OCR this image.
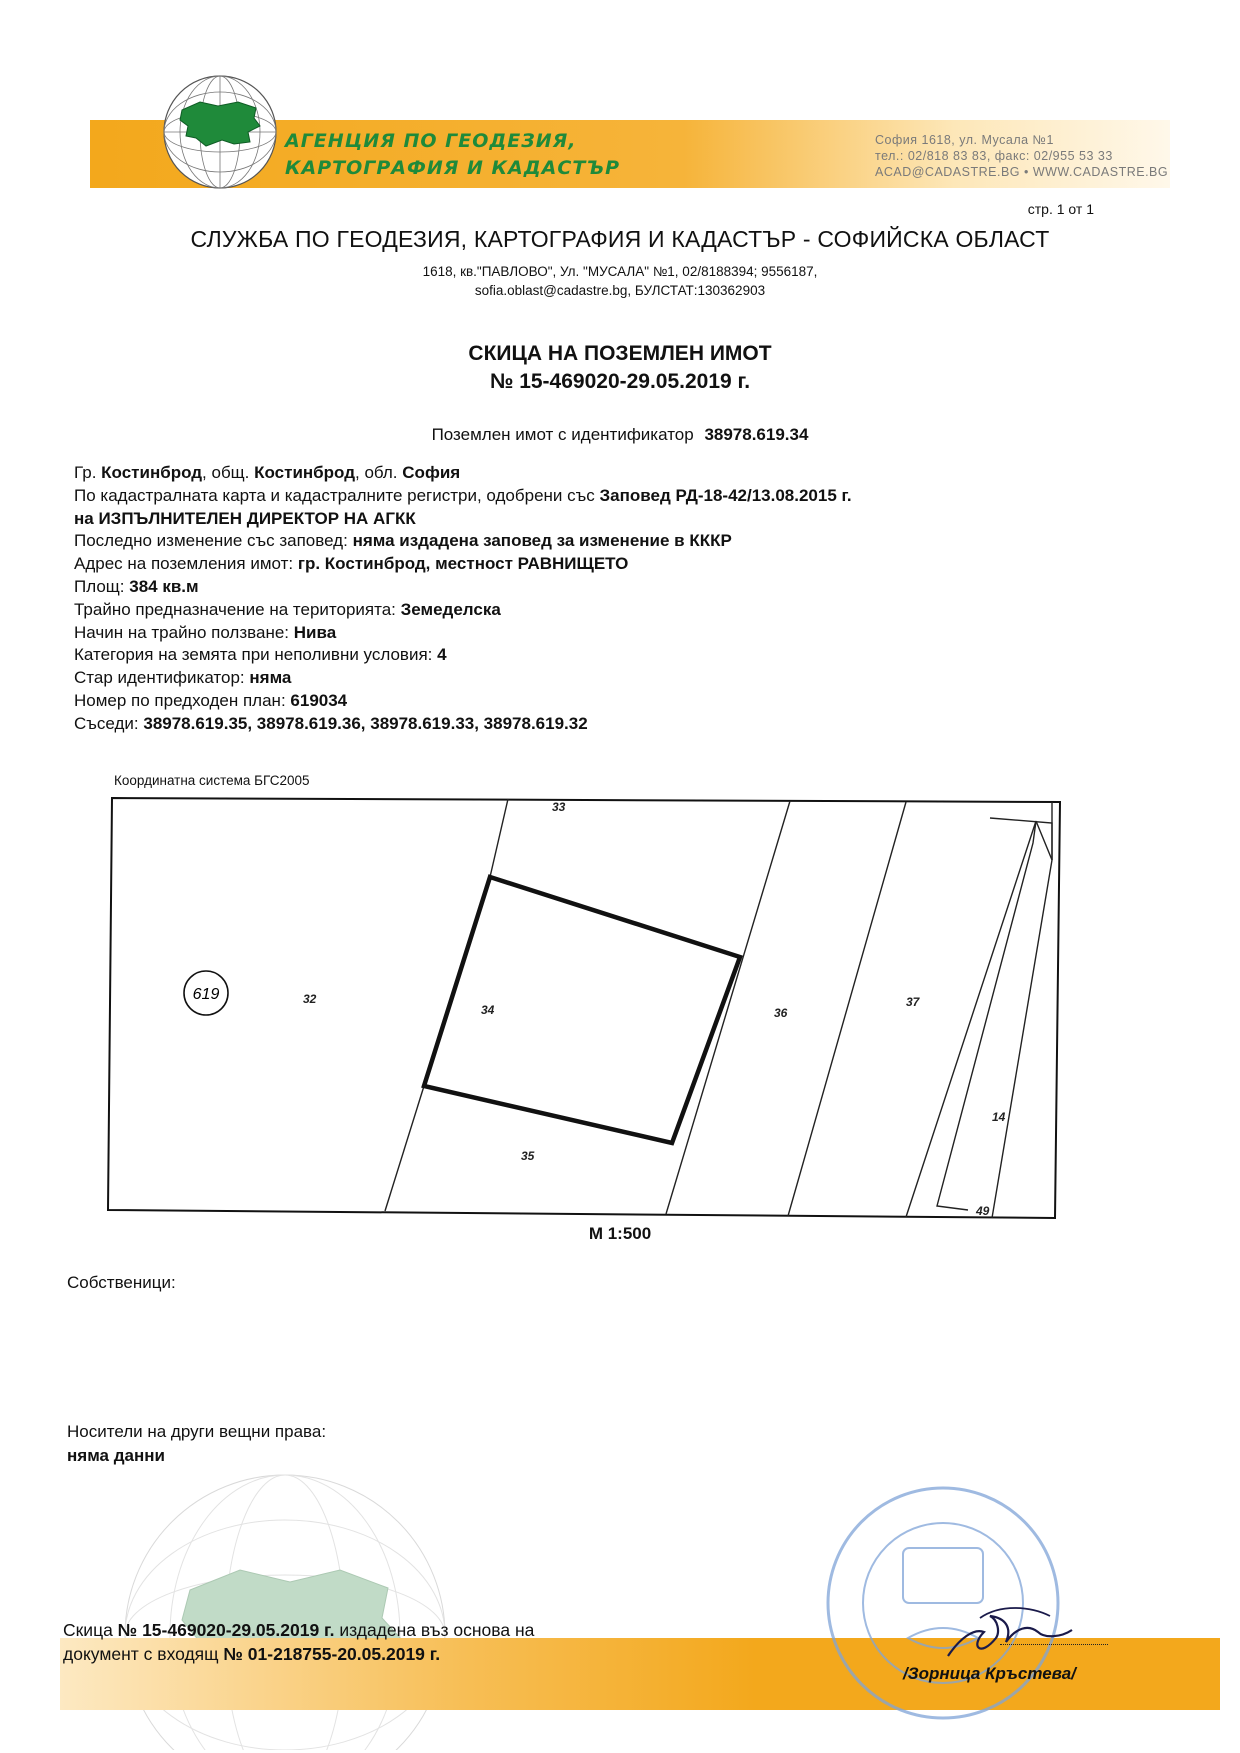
АГЕНЦИЯ ПО ГЕОДЕЗИЯ,
КАРТОГРАФИЯ И КАДАСТЪР
София 1618, ул. Мусала №1
тел.: 02/818 83 83, факс: 02/955 53 33
ACAD@CADASTRE.BG • WWW.CADASTRE.BG
стр. 1 от 1
СЛУЖБА ПО ГЕОДЕЗИЯ, КАРТОГРАФИЯ И КАДАСТЪР - СОФИЙСКА ОБЛАСТ
1618, кв."ПАВЛОВО", Ул. "МУСАЛА" №1, 02/8188394; 9556187,
sofia.oblast@cadastre.bg, БУЛСТАТ:130362903
СКИЦА НА ПОЗЕМЛЕН ИМОТ
№ 15-469020-29.05.2019 г.
Поземлен имот с идентификатор 38978.619.34
Гр. Костинброд, общ. Костинброд, обл. София
По кадастралната карта и кадастралните регистри, одобрени със Заповед РД-18-42/13.08.2015 г.
на ИЗПЪЛНИТЕЛЕН ДИРЕКТОР НА АГКК
Последно изменение със заповед: няма издадена заповед за изменение в КККР
Адрес на поземления имот: гр. Костинброд, местност РАВНИЩЕТО
Площ: 384 кв.м
Трайно предназначение на територията: Земеделска
Начин на трайно ползване: Нива
Категория на земята при неполивни условия: 4
Стар идентификатор: няма
Номер по предходен план: 619034
Съседи: 38978.619.35, 38978.619.36, 38978.619.33, 38978.619.32
Координатна система БГС2005
619
33
32
34	36
37
14
35
49
М 1:500
Собственици:
Носители на други вещни права:
няма данни
Скица № 15-469020-29.05.2019 г. издадена въз основа на
документ с входящ № 01-218755-20.05.2019 г.
/Зорница Кръстева/
